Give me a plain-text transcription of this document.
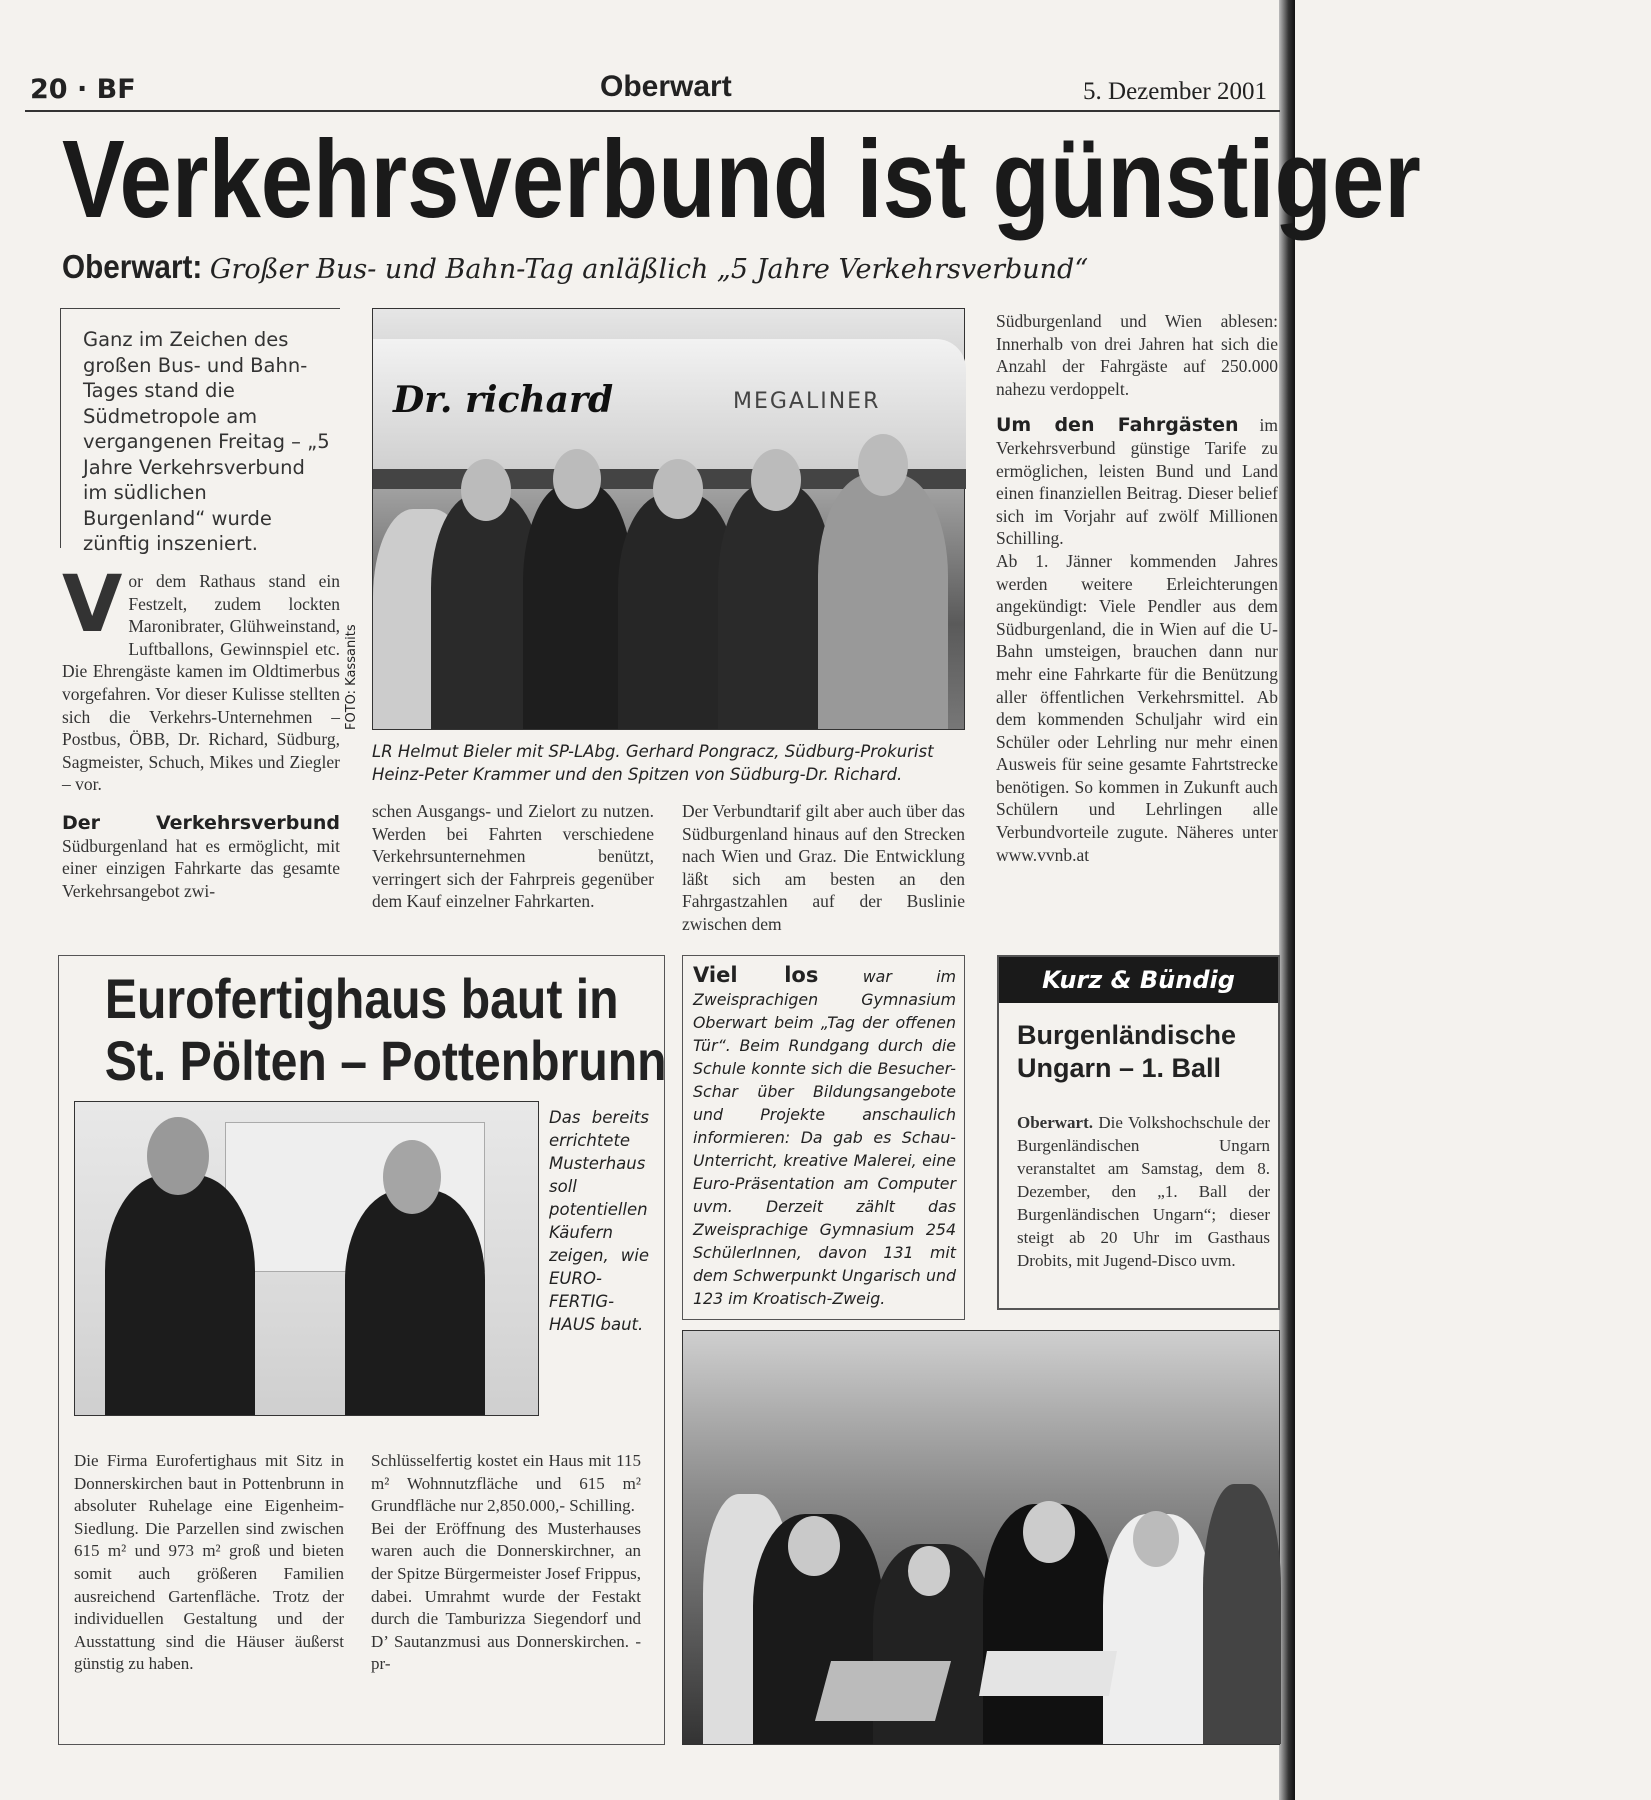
20 · BF	Oberwart	5. Dezember 2001
Verkehrsverbund ist günstiger
Oberwart: Großer Bus- und Bahn-Tag anläßlich „5 Jahre Verkehrsverbund“
Ganz im Zeichen des großen Bus- und Bahn-Tages stand die Südmetropole am vergangenen Freitag – „5 Jahre Verkehrsverbund im südlichen Burgenland“ wurde zünftig inszeniert.
V or dem Rathaus stand ein Festzelt, zudem lockten Maronibrater, Glühweinstand, Luftballons, Gewinnspiel etc. Die Ehrengäste kamen im Oldtimerbus vorgefahren. Vor dieser Kulisse stellten sich die Verkehrs-Unternehmen – Postbus, ÖBB, Dr. Richard, Südburg, Sagmeister, Schuch, Mikes und Ziegler – vor.

Der Verkehrsverbund Südburgenland hat es ermöglicht, mit einer einzigen Fahrkarte das gesamte Verkehrsangebot zwi-

Dr. richard	MEGALINER
FOTO: Kassanits
LR Helmut Bieler mit SP-LAbg. Gerhard Pongracz, Südburg-Prokurist Heinz-Peter Krammer und den Spitzen von Südburg-Dr. Richard.
schen Ausgangs- und Zielort zu nutzen. Werden bei Fahrten verschiedene Verkehrsunternehmen benützt, verringert sich der Fahrpreis gegenüber dem Kauf einzelner Fahrkarten.
Der Verbundtarif gilt aber auch über das Südburgenland hinaus auf den Strecken nach Wien und Graz. Die Entwicklung läßt sich am besten an den Fahrgastzahlen auf der Buslinie zwischen dem

Südburgenland und Wien ablesen: Innerhalb von drei Jahren hat sich die Anzahl der Fahrgäste auf 250.000 nahezu verdoppelt.

Um den Fahrgästen im Verkehrsverbund günstige Tarife zu ermöglichen, leisten Bund und Land einen finanziellen Beitrag. Dieser belief sich im Vorjahr auf zwölf Millionen Schilling.

Ab 1. Jänner kommenden Jahres werden weitere Erleichterungen angekündigt: Viele Pendler aus dem Südburgenland, die in Wien auf die U-Bahn umsteigen, brauchen dann nur mehr eine Fahrkarte für die Benützung aller öffentlichen Verkehrsmittel. Ab dem kommenden Schuljahr wird ein Schüler oder Lehrling nur mehr einen Ausweis für seine gesamte Fahrtstrecke benötigen. So kommen in Zukunft auch Schülern und Lehrlingen alle Verbundvorteile zugute. Näheres unter www.vvnb.at

Eurofertighaus baut in
St. Pölten – Pottenbrunn
Das bereits errichtete Musterhaus soll potentiellen Käufern zeigen, wie EURO-FERTIG-HAUS baut.
Die Firma Eurofertighaus mit Sitz in Donnerskirchen baut in Pottenbrunn in absoluter Ruhelage eine Eigenheim-Siedlung. Die Parzellen sind zwischen 615 m² und 973 m² groß und bieten somit auch größeren Familien ausreichend Gartenfläche. Trotz der individuellen Gestaltung und der Ausstattung sind die Häuser äußerst günstig zu haben.

Schlüsselfertig kostet ein Haus mit 115 m² Wohnnutzfläche und 615 m² Grundfläche nur 2,850.000,- Schilling.

Bei der Eröffnung des Musterhauses waren auch die Donnerskirchner, an der Spitze Bürgermeister Josef Frippus, dabei. Umrahmt wurde der Festakt durch die Tamburizza Siegendorf und D’ Sautanzmusi aus Donnerskirchen. -pr-

Viel los war im Zweisprachigen Gymnasium Oberwart beim „Tag der offenen Tür“. Beim Rundgang durch die Schule konnte sich die Besucher-Schar über Bildungsangebote und Projekte anschaulich informieren: Da gab es Schau-Unterricht, kreative Malerei, eine Euro-Präsentation am Computer uvm. Derzeit zählt das Zweisprachige Gymnasium 254 SchülerInnen, davon 131 mit dem Schwerpunkt Ungarisch und 123 im Kroatisch-Zweig.
Kurz & Bündig
Burgenländische Ungarn – 1. Ball
Oberwart. Die Volkshochschule der Burgenländischen Ungarn veranstaltet am Samstag, dem 8. Dezember, den „1. Ball der Burgenländischen Ungarn“; dieser steigt ab 20 Uhr im Gasthaus Drobits, mit Jugend-Disco uvm.
